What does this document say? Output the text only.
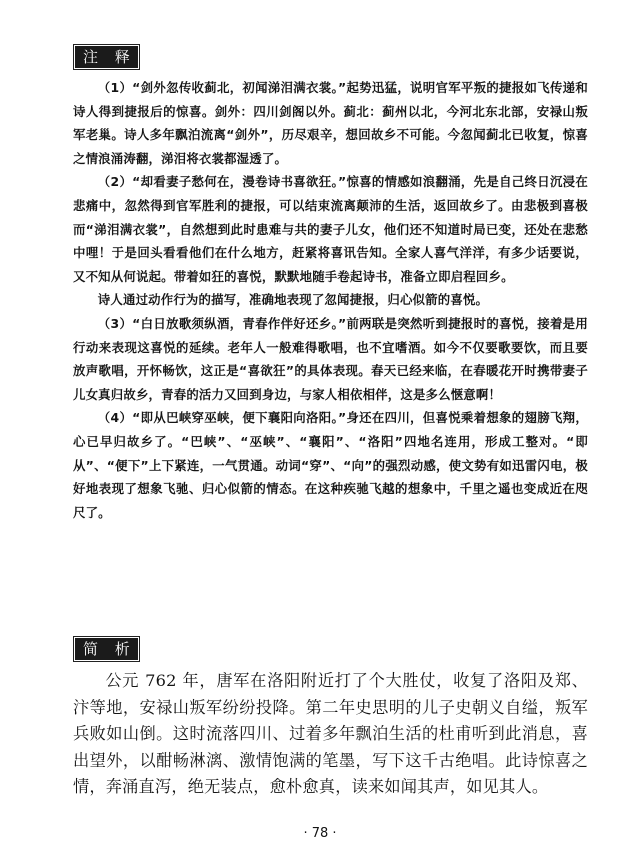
注 释

（1）“剑外忽传收蓟北，初闻涕泪满衣裳。”起势迅猛，说明官军平叛的捷报如飞传递和诗人得到捷报后的惊喜。剑外：四川剑阁以外。蓟北：蓟州以北，今河北东北部，安禄山叛军老巢。诗人多年飘泊流离“剑外”，历尽艰辛，想回故乡不可能。今忽闻蓟北已收复，惊喜之情浪涌涛翻，涕泪将衣裳都湿透了。

（2）“却看妻子愁何在，漫卷诗书喜欲狂。”惊喜的情感如浪翻涌，先是自己终日沉浸在悲痛中，忽然得到官军胜利的捷报，可以结束流离颠沛的生活，返回故乡了。由悲极到喜极而“涕泪满衣裳”，自然想到此时患难与共的妻子儿女，他们还不知道时局已变，还处在悲愁中哩！于是回头看看他们在什么地方，赶紧将喜讯告知。全家人喜气洋洋，有多少话要说，又不知从何说起。带着如狂的喜悦，默默地随手卷起诗书，准备立即启程回乡。

诗人通过动作行为的描写，准确地表现了忽闻捷报，归心似箭的喜悦。

（3）“白日放歌须纵酒，青春作伴好还乡。”前两联是突然听到捷报时的喜悦，接着是用行动来表现这喜悦的延续。老年人一般难得歌唱，也不宜嗜酒。如今不仅要歌要饮，而且要放声歌唱，开怀畅饮，这正是“喜欲狂”的具体表现。春天已经来临，在春暖花开时携带妻子儿女真归故乡，青春的活力又回到身边，与家人相依相伴，这是多么惬意啊！

（4）“即从巴峡穿巫峡，便下襄阳向洛阳。”身还在四川，但喜悦乘着想象的翅膀飞翔，心已早归故乡了。“巴峡”、“巫峡”、“襄阳”、“洛阳”四地名连用，形成工整对。“即从”、“便下”上下紧连，一气贯通。动词“穿”、“向”的强烈动感，使文势有如迅雷闪电，极好地表现了想象飞驰、归心似箭的情态。在这种疾驰飞越的想象中，千里之遥也变成近在咫尺了。

简 析

公元 762 年，唐军在洛阳附近打了个大胜仗，收复了洛阳及郑、汴等地，安禄山叛军纷纷投降。第二年史思明的儿子史朝义自缢，叛军兵败如山倒。这时流落四川、过着多年飘泊生活的杜甫听到此消息，喜出望外，以酣畅淋漓、激情饱满的笔墨，写下这千古绝唱。此诗惊喜之情，奔涌直泻，绝无装点，愈朴愈真，读来如闻其声，如见其人。

· 78 ·
